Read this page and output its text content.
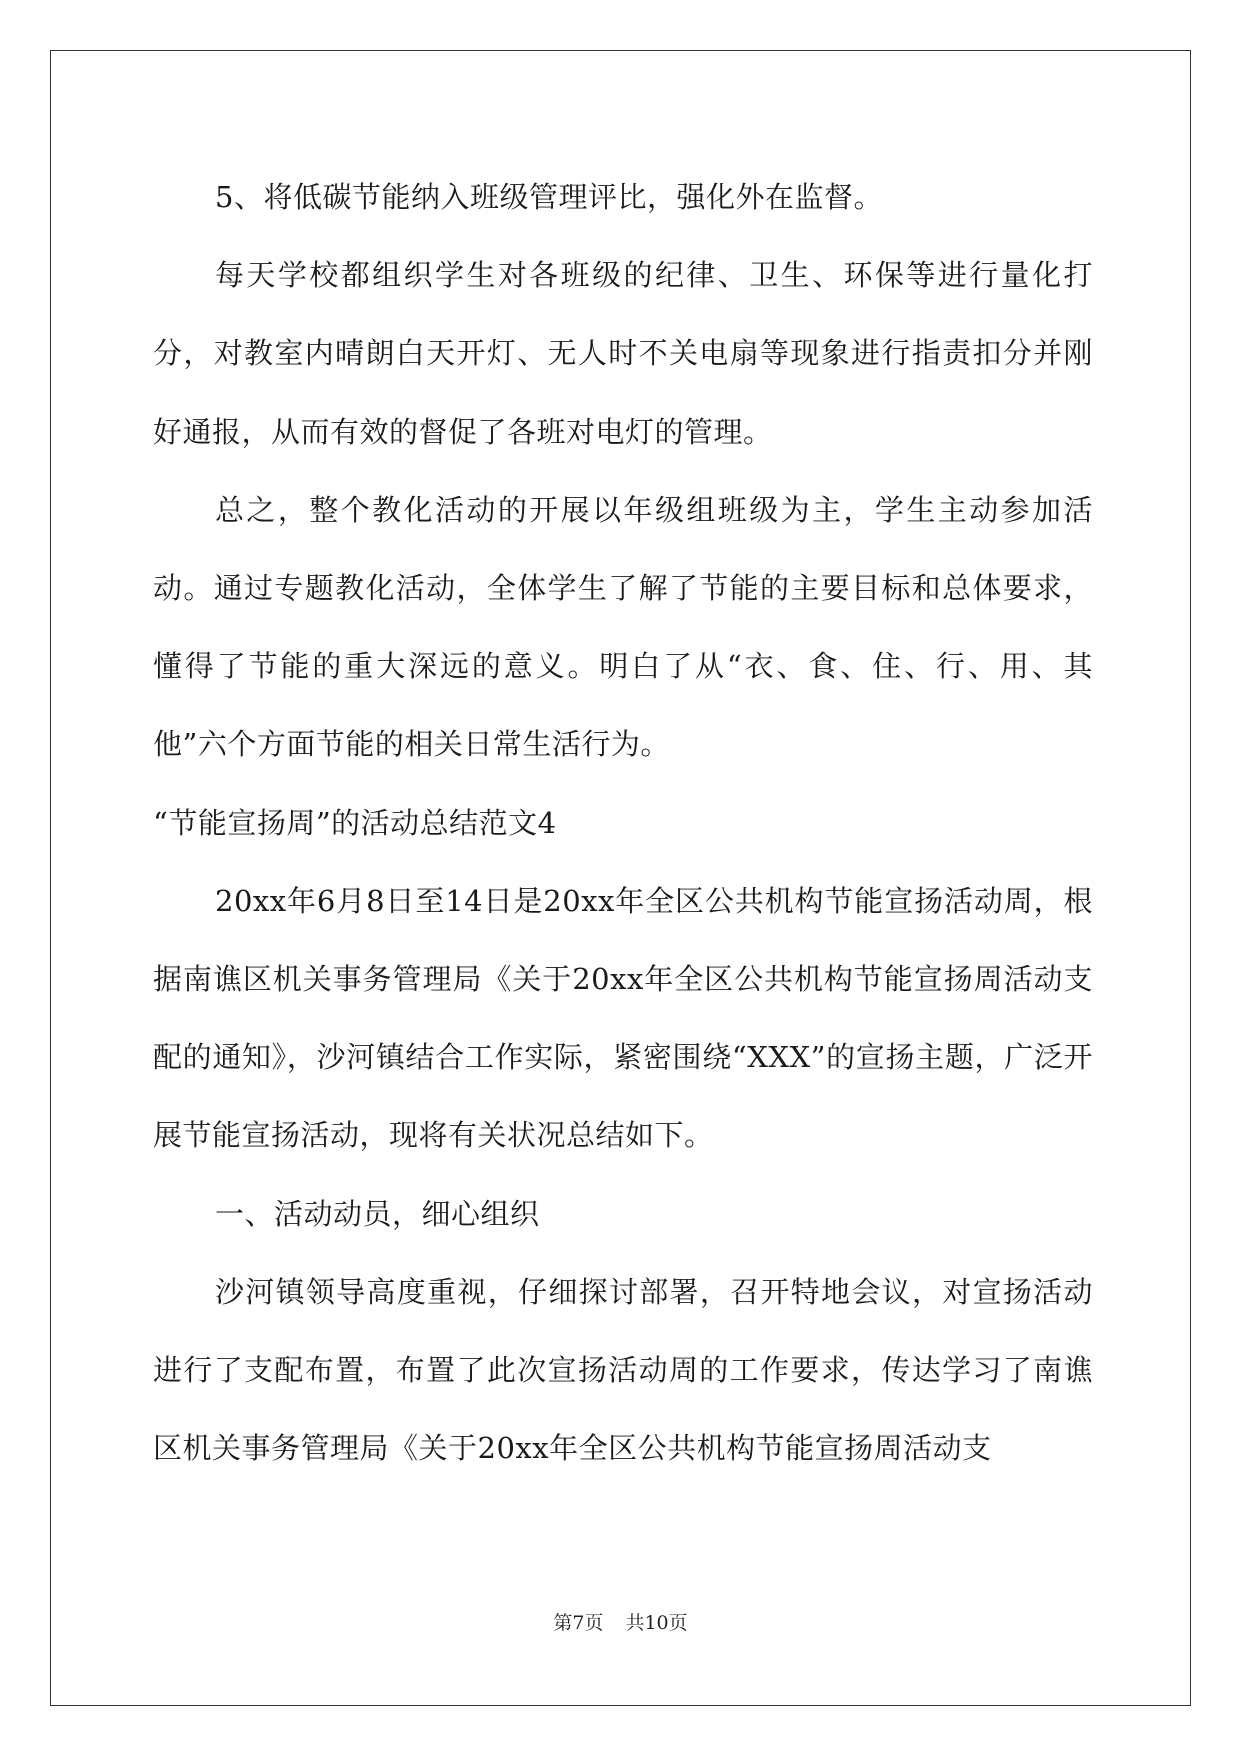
5、将低碳节能纳入班级管理评比，强化外在监督。

每天学校都组织学生对各班级的纪律、卫生、环保等进行量化打分，对教室内晴朗白天开灯、无人时不关电扇等现象进行指责扣分并刚好通报，从而有效的督促了各班对电灯的管理。

总之，整个教化活动的开展以年级组班级为主，学生主动参加活动。通过专题教化活动，全体学生了解了节能的主要目标和总体要求，懂得了节能的重大深远的意义。明白了从“衣、食、住、行、用、其他”六个方面节能的相关日常生活行为。

“节能宣扬周”的活动总结范文4

20xx年6月8日至14日是20xx年全区公共机构节能宣扬活动周，根据南谯区机关事务管理局《关于20xx年全区公共机构节能宣扬周活动支配的通知》，沙河镇结合工作实际，紧密围绕“XXX”的宣扬主题，广泛开展节能宣扬活动，现将有关状况总结如下。

一、活动动员，细心组织

沙河镇领导高度重视，仔细探讨部署，召开特地会议，对宣扬活动进行了支配布置，布置了此次宣扬活动周的工作要求，传达学习了南谯区机关事务管理局《关于20xx年全区公共机构节能宣扬周活动支

第7页 共10页
